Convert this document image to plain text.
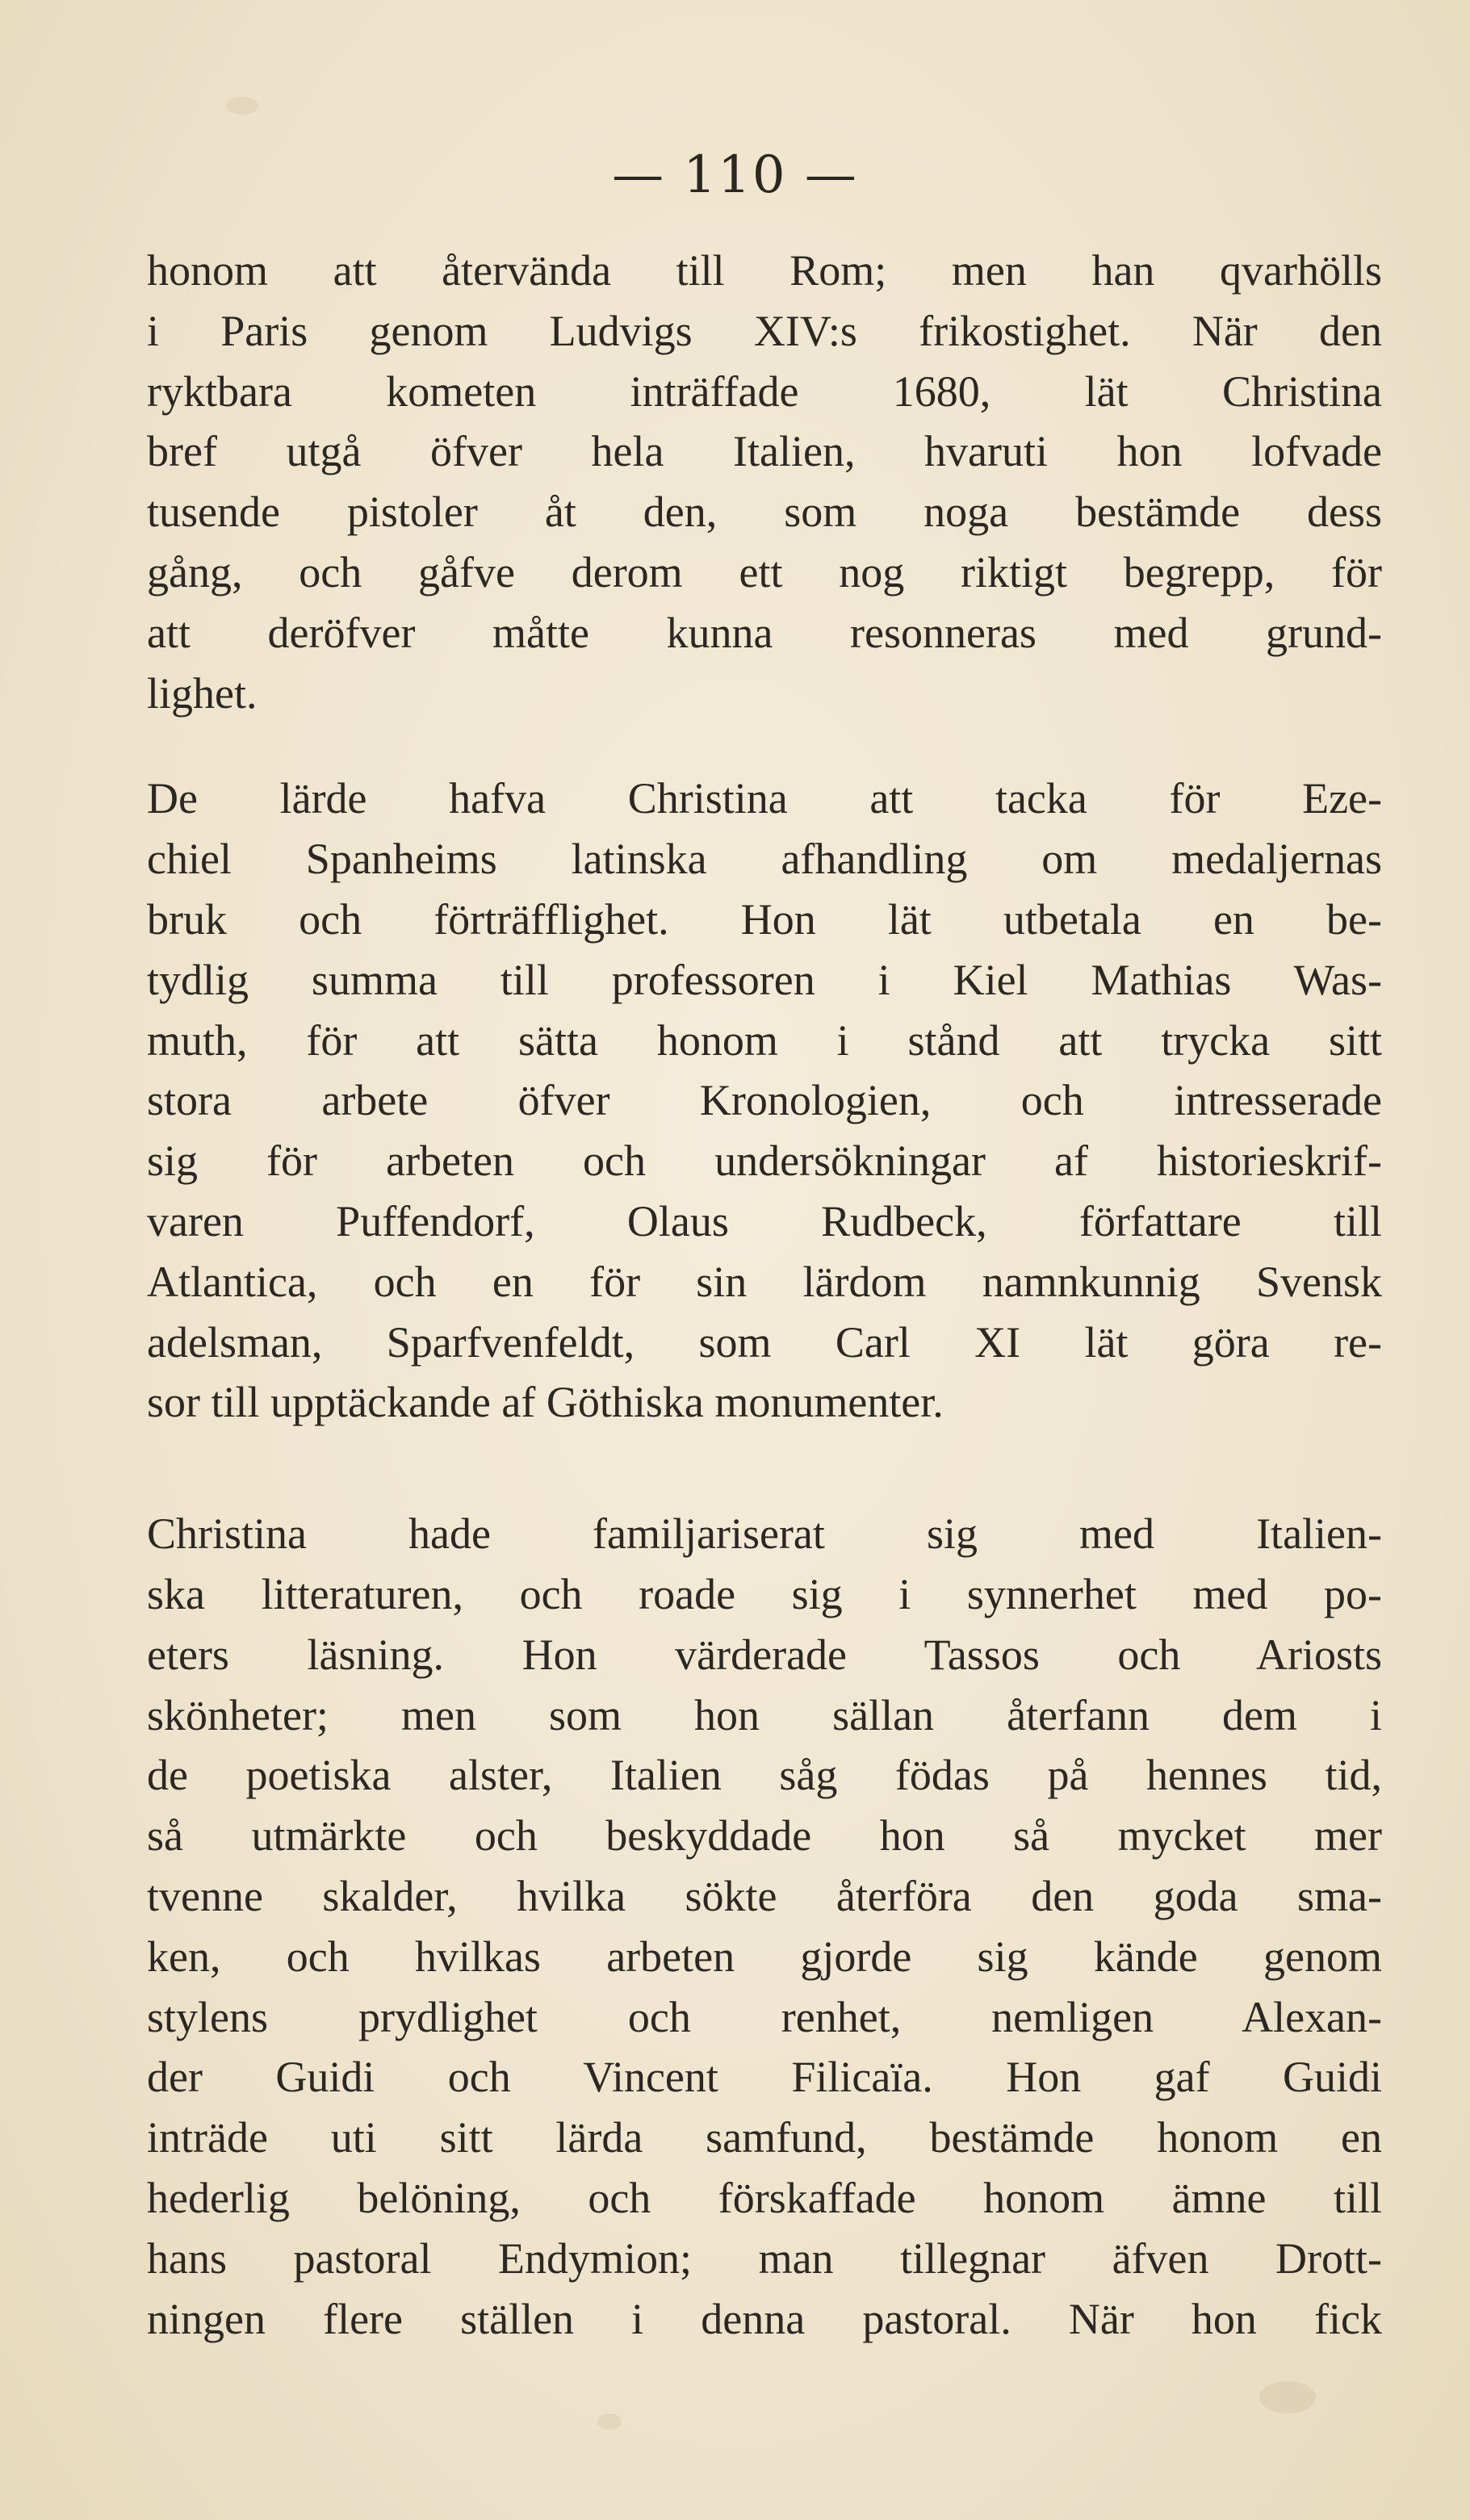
— 110 —
honom att återvända till Rom; men han qvarhölls
i Paris genom Ludvigs XIV:s frikostighet. När den
ryktbara kometen inträffade 1680, lät Christina
bref utgå öfver hela Italien, hvaruti hon lofvade
tusende pistoler åt den, som noga bestämde dess
gång, och gåfve derom ett nog riktigt begrepp, för
att deröfver måtte kunna resonneras med grund-
lighet.
De lärde hafva Christina att tacka för Eze-
chiel Spanheims latinska afhandling om medaljernas
bruk och förträfflighet. Hon lät utbetala en be-
tydlig summa till professoren i Kiel Mathias Was-
muth, för att sätta honom i stånd att trycka sitt
stora arbete öfver Kronologien, och intresserade
sig för arbeten och undersökningar af historieskrif-
varen Puffendorf, Olaus Rudbeck, författare till
Atlantica, och en för sin lärdom namnkunnig Svensk
adelsman, Sparfvenfeldt, som Carl XI lät göra re-
sor till upptäckande af Göthiska monumenter.
Christina hade familjariserat sig med Italien-
ska litteraturen, och roade sig i synnerhet med po-
eters läsning. Hon värderade Tassos och Ariosts
skönheter; men som hon sällan återfann dem i
de poetiska alster, Italien såg födas på hennes tid,
så utmärkte och beskyddade hon så mycket mer
tvenne skalder, hvilka sökte återföra den goda sma-
ken, och hvilkas arbeten gjorde sig kände genom
stylens prydlighet och renhet, nemligen Alexan-
der Guidi och Vincent Filicaïa. Hon gaf Guidi
inträde uti sitt lärda samfund, bestämde honom en
hederlig belöning, och förskaffade honom ämne till
hans pastoral Endymion; man tillegnar äfven Drott-
ningen flere ställen i denna pastoral. När hon fick
